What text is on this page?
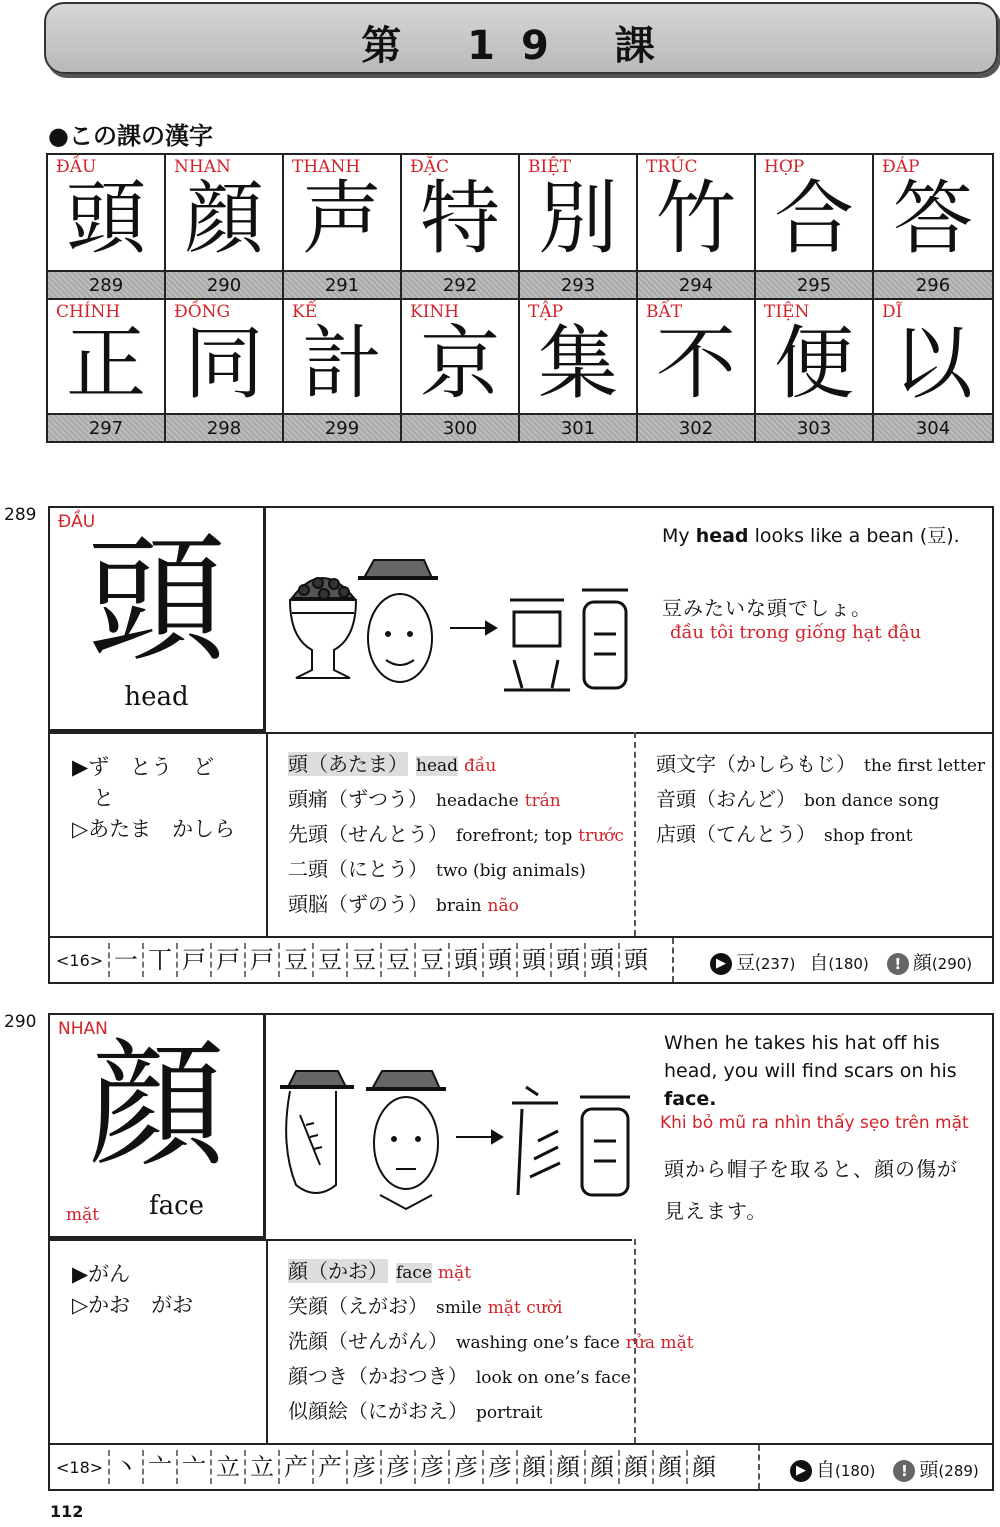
第 19 課
●この課の漢字
ĐẦU
頭
289
NHAN
顔
290
THANH
声
291
ĐẶC
特
292
BIỆT
別
293
TRÚC
竹
294
HỢP
合
295
ĐÁP
答
296
CHÍNH
正
297
ĐỒNG
同
298
KẾ
計
299
KINH
京
300
TẬP
集
301
BẤT
不
302
TIỆN
便
303
DĨ
以
304
289 ĐẦU
頭
head
My head looks like a bean (豆).
豆みたいな頭でしょ。
đầu tôi trong giống hạt đậu
▶ず　とう　ど
　と
▷あたま　かしら
頭（あたま） head đầu
頭痛（ずつう） headache trán
先頭（せんとう） forefront; top trước
二頭（にとう） two (big animals)
頭脳（ずのう） brain não
頭文字（かしらもじ） the first letter
音頭（おんど） bon dance song
店頭（てんとう） shop front
<16> 一 丅 戸 戸 戸 豆 豆 豆 豆 豆 頭 頭 頭 頭 頭 頭	▶ 豆(237) 自(180) ! 顔(290)
290 NHAN
顔
mặt	face
When he takes his hat off his
head, you will find scars on his
face.
Khi bỏ mũ ra nhìn thấy sẹo trên mặt
頭から帽子を取ると、顔の傷が
見えます。
▶がん
▷かお　がお
顔（かお） face mặt
笑顔（えがお） smile mặt cười
洗顔（せんがん） washing one’s face rửa mặt
顔つき（かおつき） look on one’s face
似顔絵（にがおえ） portrait
<18> 丶 亠 亠 立 立 产 产 彦 彦 彦 彦 彦 顔 顔 顔 顔 顔 顔	▶ 自(180) ! 頭(289)
112
